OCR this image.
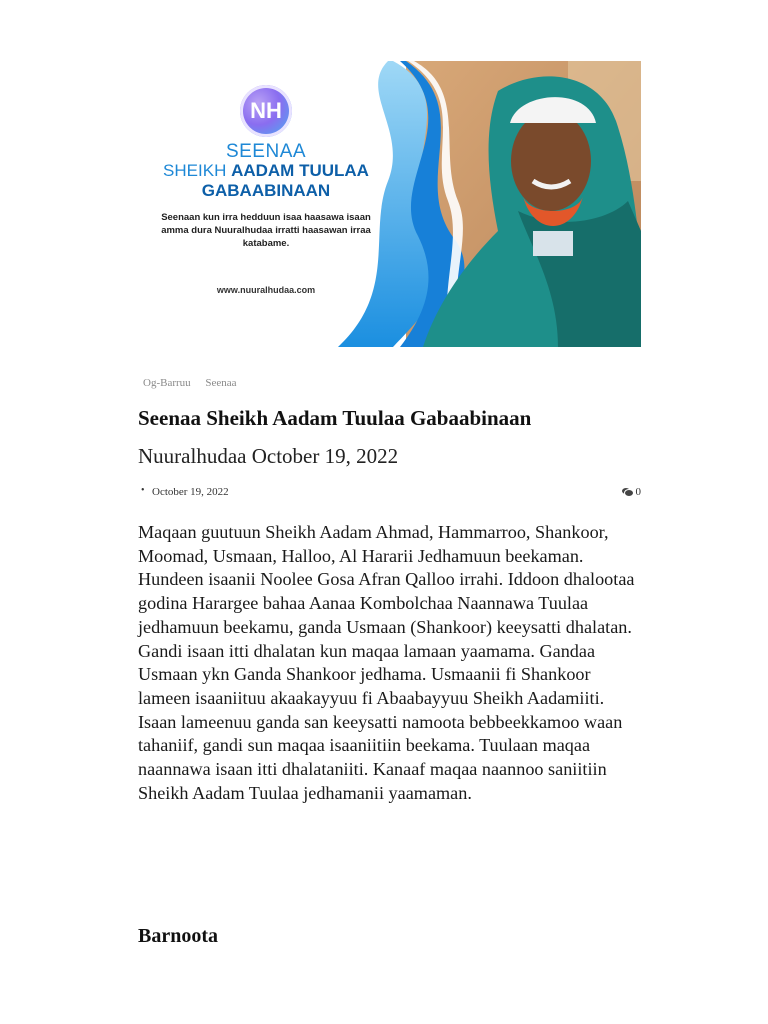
NH
SEENAA
SHEIKH AADAM TUULAA
GABAABINAAN
Seenaan kun irra hedduun isaa haasawa isaan amma dura Nuuralhudaa irratti haasawan irraa katabame.
www.nuuralhudaa.com
Og-Barruu Seenaa
Seenaa Sheikh Aadam Tuulaa Gabaabinaan
Nuuralhudaa October 19, 2022
• October 19, 2022	0

Maqaan guutuun Sheikh Aadam Ahmad, Hammarroo, Shankoor, Moomad, Usmaan, Halloo, Al Hararii Jedhamuun beekaman. Hundeen isaanii Noolee Gosa Afran Qalloo irrahi. Iddoon dhalootaa godina Harargee bahaa Aanaa Kombolchaa Naannawa Tuulaa jedhamuun beekamu, ganda Usmaan (Shankoor) keeysatti dhalatan. Gandi isaan itti dhalatan kun maqaa lamaan yaamama. Gandaa Usmaan ykn Ganda Shankoor jedhama. Usmaanii fi Shankoor lameen isaaniituu akaakayyuu fi Abaabayyuu Sheikh Aadamiiti. Isaan lameenuu ganda san keeysatti namoota bebbeekkamoo waan tahaniif, gandi sun maqaa isaaniitiin beekama. Tuulaan maqaa naannawa isaan itti dhalataniiti. Kanaaf maqaa naannoo saniitiin Sheikh Aadam Tuulaa jedhamanii yaamaman.

Barnoota
